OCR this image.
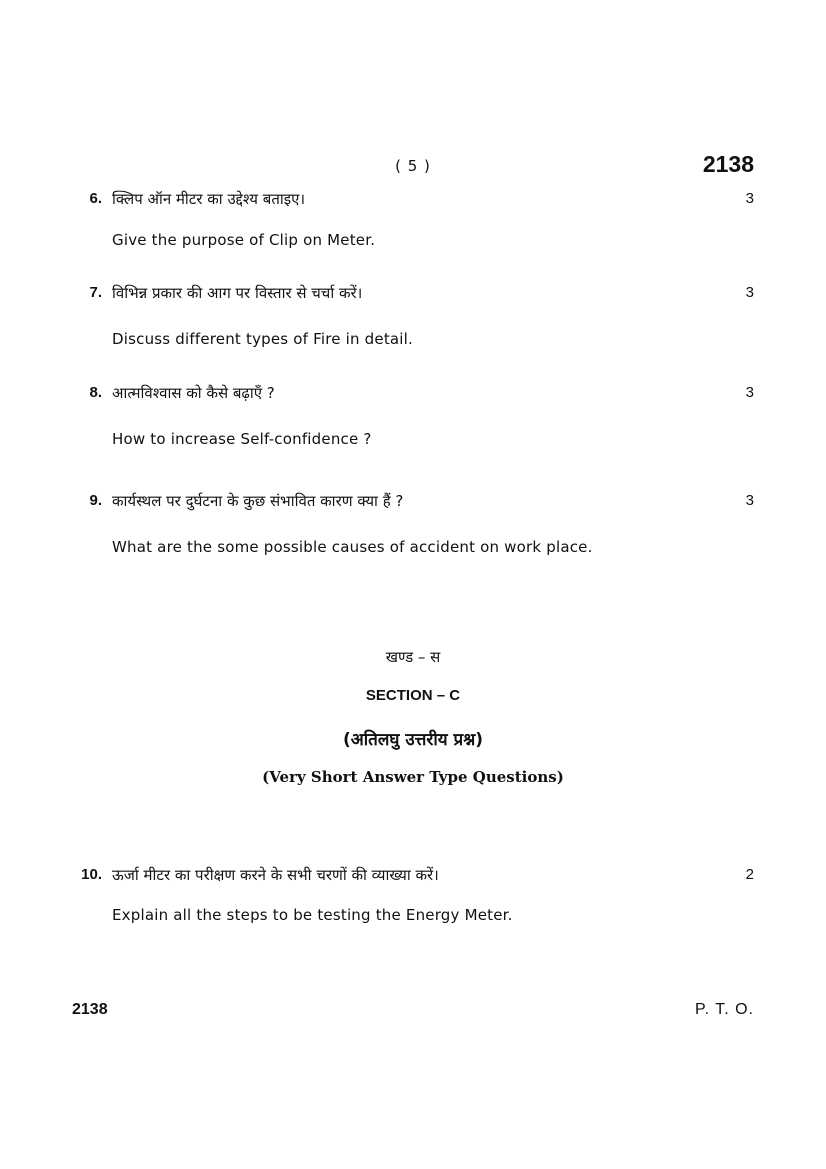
( 5 )	2138
6. क्लिप ऑन मीटर का उद्देश्य बताइए।	3
Give the purpose of Clip on Meter.
7. विभिन्न प्रकार की आग पर विस्तार से चर्चा करें।	3
Discuss different types of Fire in detail.
8. आत्मविश्वास को कैसे बढ़ाएँ ?	3
How to increase Self-confidence ?
9. कार्यस्थल पर दुर्घटना के कुछ संभावित कारण क्या हैं ?	3
What are the some possible causes of accident on work place.
खण्ड – स
SECTION – C
(अतिलघु उत्तरीय प्रश्न)
(Very Short Answer Type Questions)
10. ऊर्जा मीटर का परीक्षण करने के सभी चरणों की व्याख्या करें।	2
Explain all the steps to be testing the Energy Meter.
2138	P. T. O.
